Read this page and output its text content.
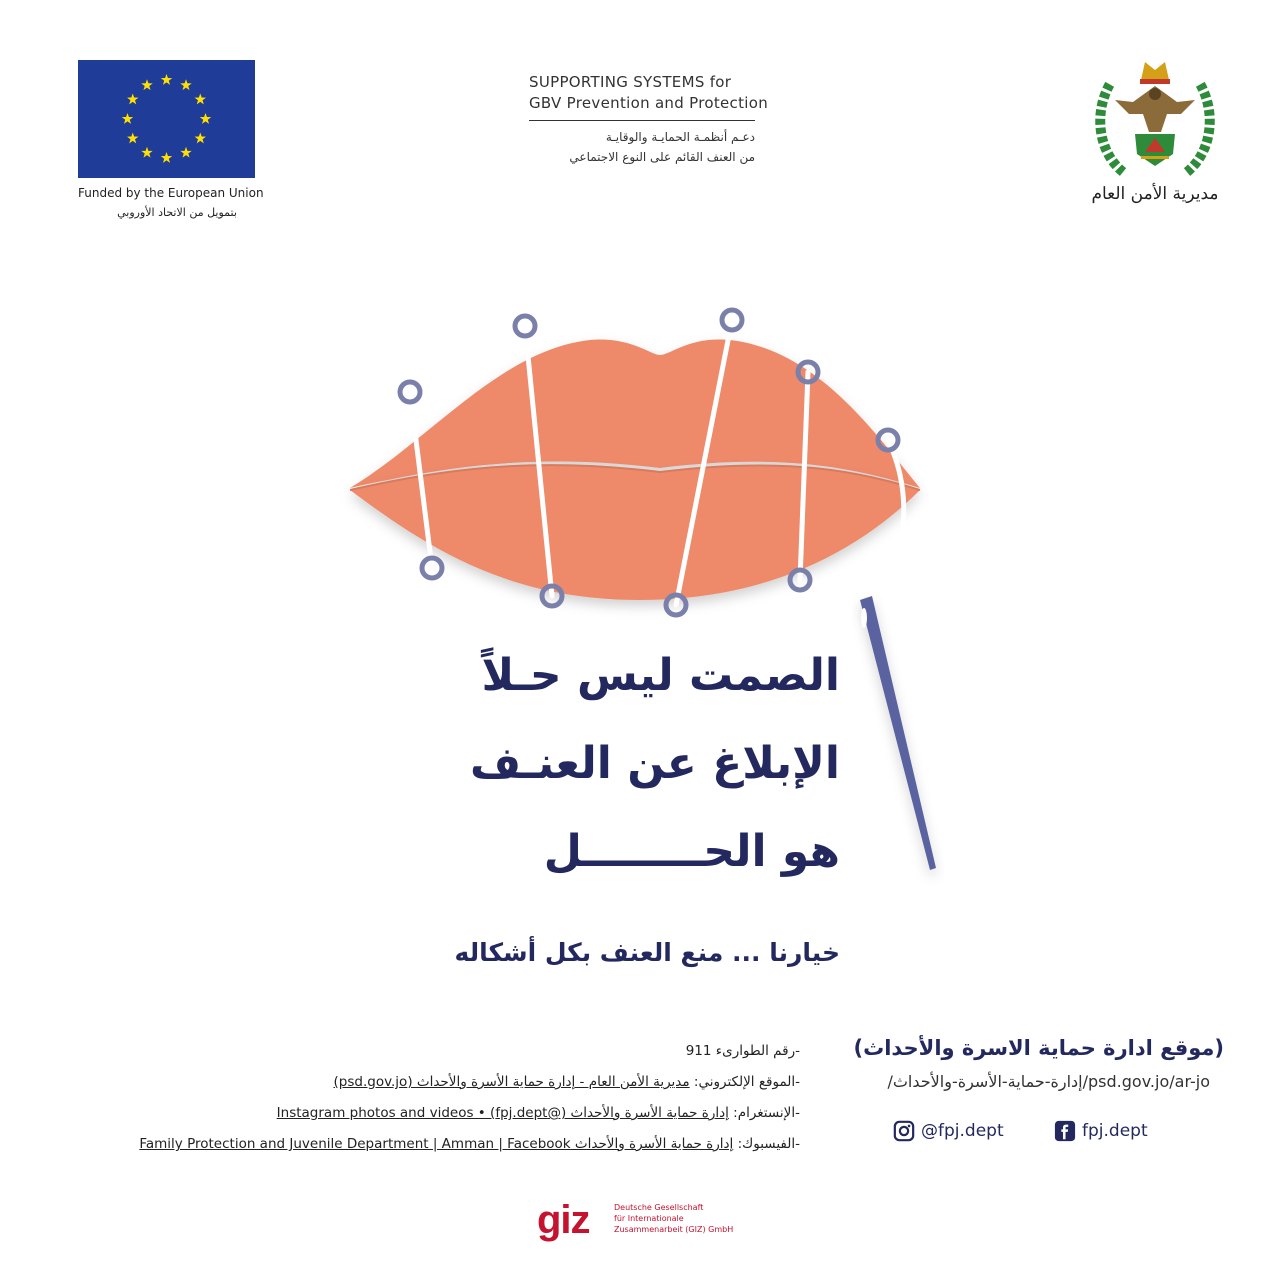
Funded by the European Union
بتمويل من الاتحاد الأوروبي
SUPPORTING SYSTEMS for
GBV Prevention and Protection
دعـم أنظمـة الحمايـة والوقايـة
من العنف القائم على النوع الاجتماعي
مديرية الأمن العام
الصمت ليس حـلاً
الإبلاغ عن العنـف
هو الحــــــــل
خيارنا ... منع العنف بكل أشكاله
-رقم الطوارىء 911
-الموقع الإلكتروني: مديرية الأمن العام - إدارة حماية الأسرة والأحداث (psd.gov.jo)
-الإنستغرام: إدارة حماية الأسرة والأحداث (@fpj.dept) • Instagram photos and videos
-الفيسبوك: إدارة حماية الأسرة والأحداث Family Protection and Juvenile Department | Amman | Facebook
(موقع ادارة حماية الاسرة والأحداث)
psd.gov.jo/ar-jo/إدارة-حماية-الأسرة-والأحداث/
@fpj.dept	fpj.dept
giz	Deutsche Gesellschaft
für Internationale
Zusammenarbeit (GIZ) GmbH
